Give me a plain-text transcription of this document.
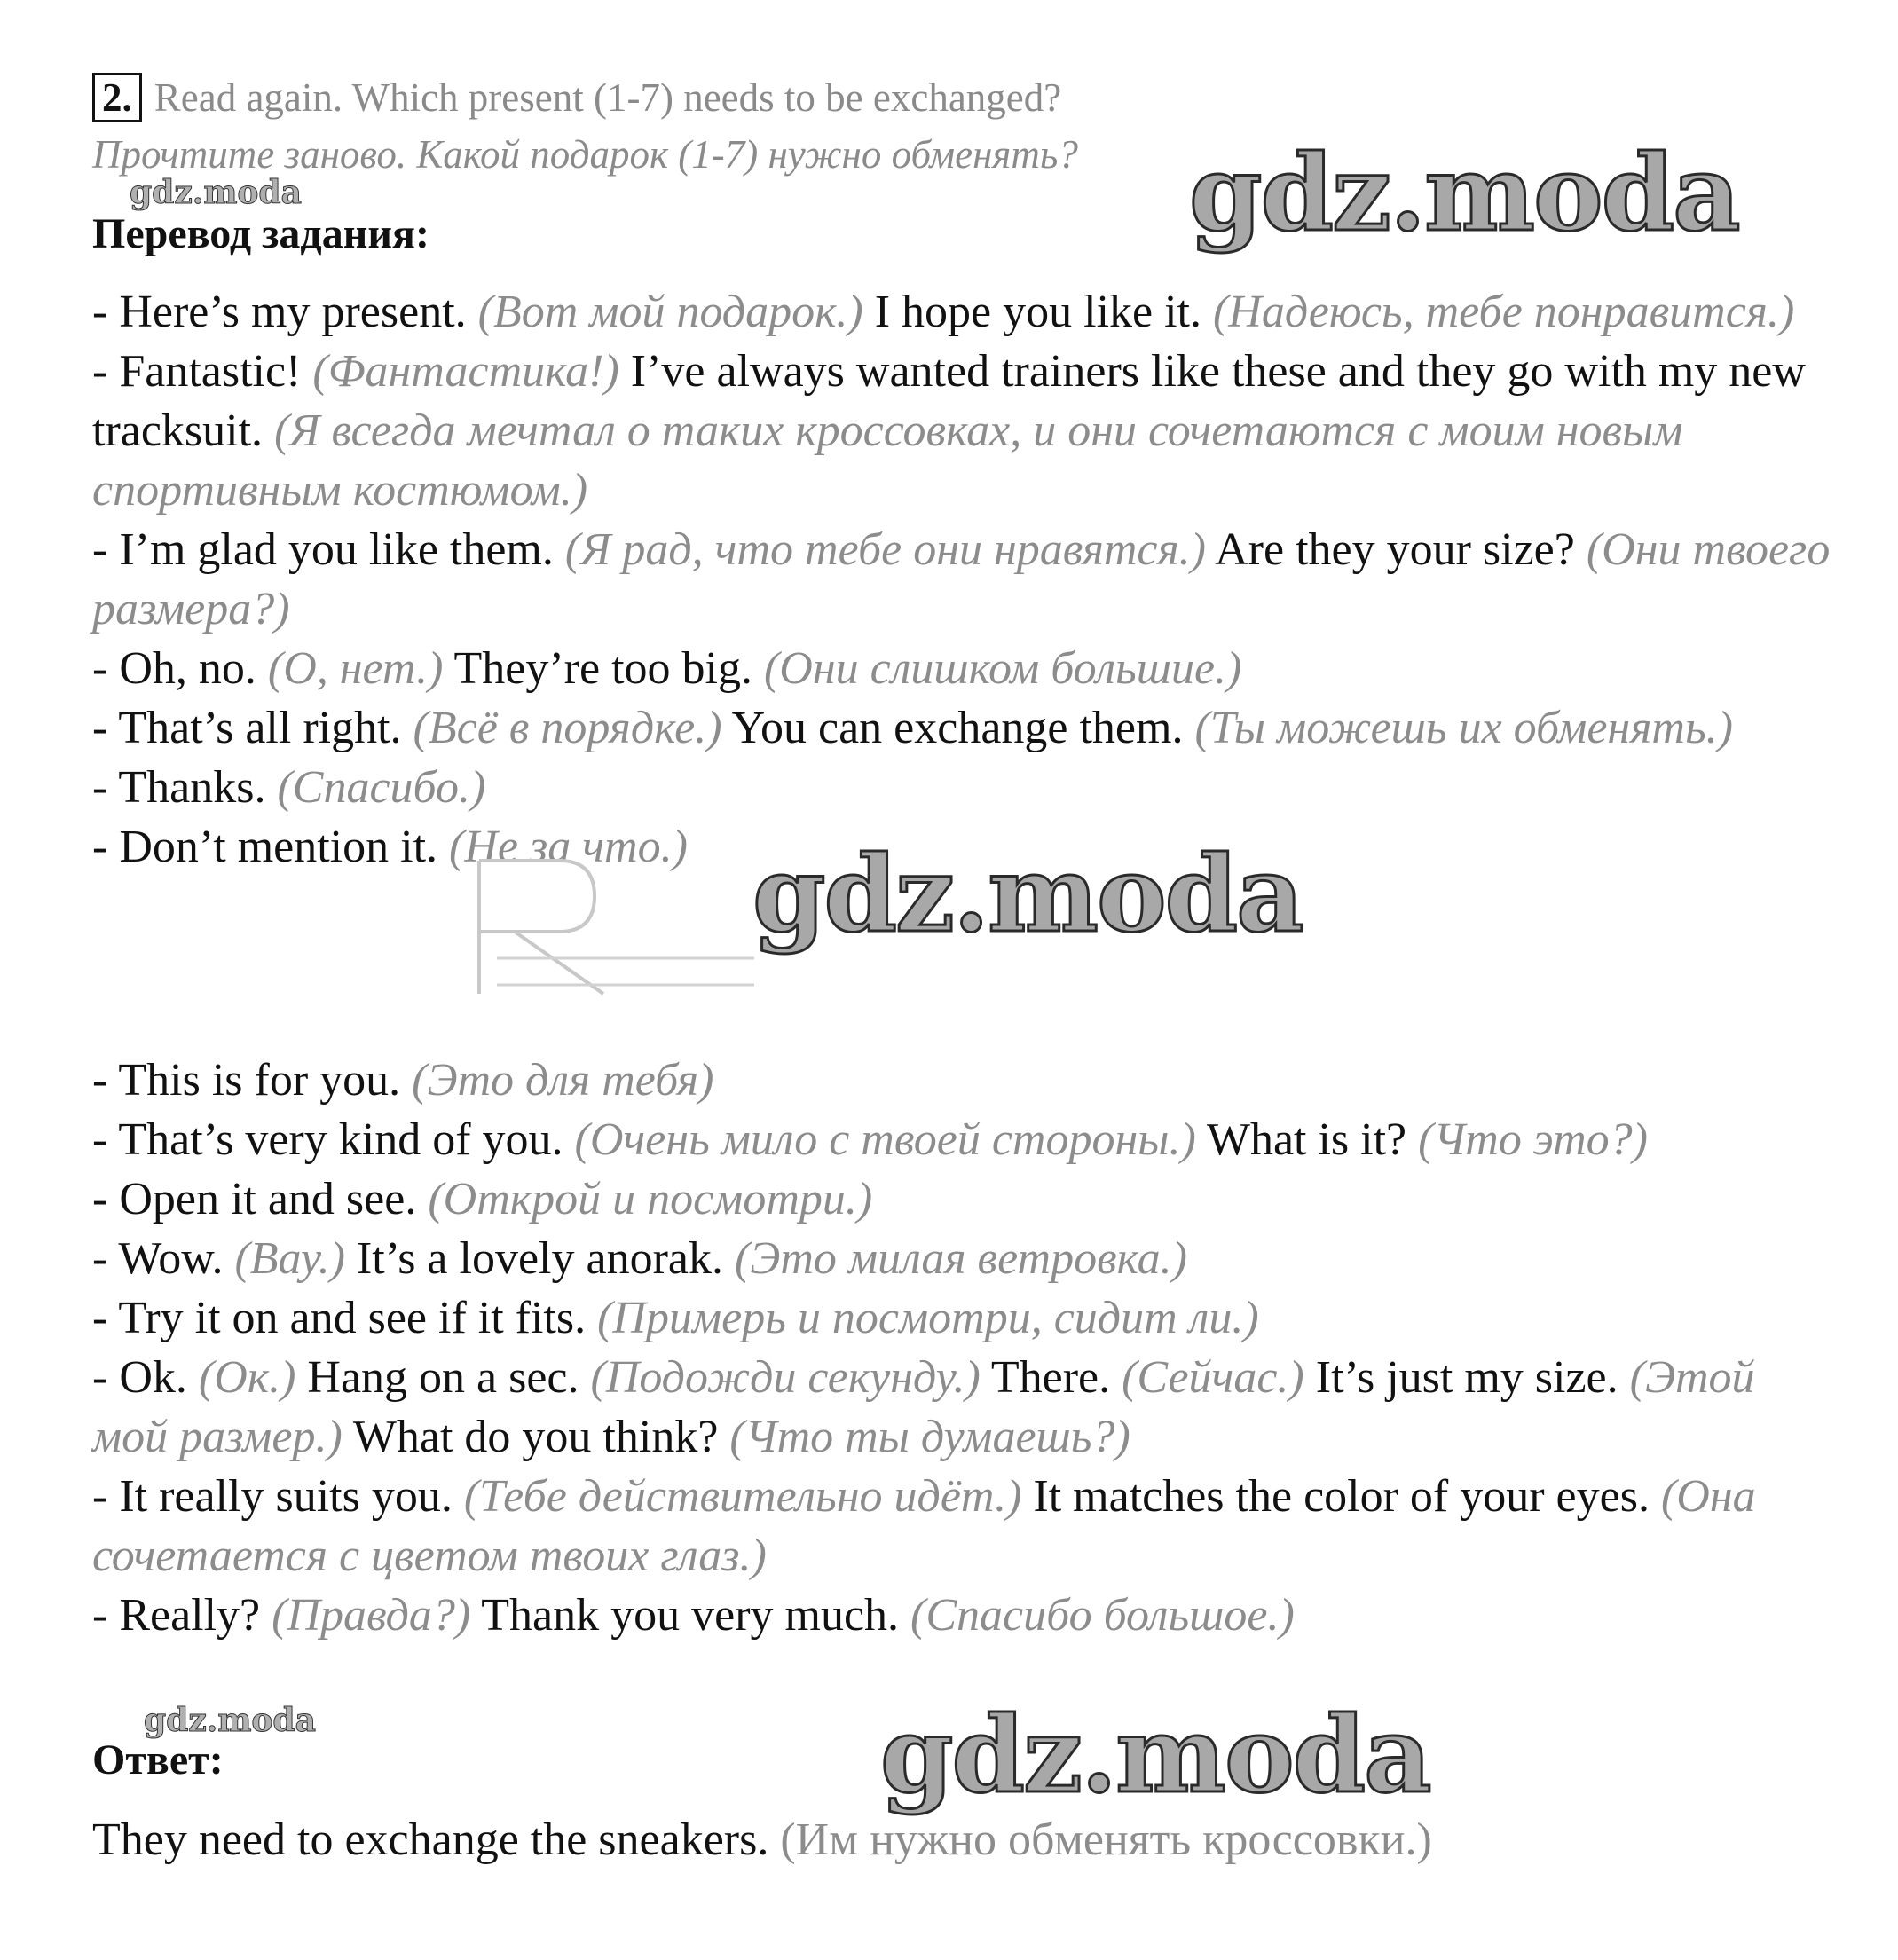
2. Read again. Which present (1-7) needs to be exchanged?
Прочтите заново. Какой подарок (1-7) нужно обменять?
gdz.moda
Перевод задания:	gdz.moda

- Here’s my present. (Вот мой подарок.) I hope you like it. (Надеюсь, тебе понравится.)

- Fantastic! (Фантастика!) I’ve always wanted trainers like these and they go with my new tracksuit. (Я всегда мечтал о таких кроссовках, и они сочетаются с моим новым спортивным костюмом.)

- I’m glad you like them. (Я рад, что тебе они нравятся.) Are they your size? (Они твоего размера?)

- Oh, no. (О, нет.) They’re too big. (Они слишком большие.)

- That’s all right. (Всё в порядке.) You can exchange them. (Ты можешь их обменять.)

- Thanks. (Спасибо.)

- Don’t mention it. (Не за что.) gdz.moda

- This is for you. (Это для тебя)

- That’s very kind of you. (Очень мило с твоей стороны.) What is it? (Что это?)

- Open it and see. (Открой и посмотри.)

- Wow. (Вау.) It’s a lovely anorak. (Это милая ветровка.)

- Try it on and see if it fits. (Примерь и посмотри, сидит ли.)

- Ok. (Ок.) Hang on a sec. (Подожди секунду.) There. (Сейчас.) It’s just my size. (Этой мой размер.) What do you think? (Что ты думаешь?)

- It really suits you. (Тебе действительно идёт.) It matches the color of your eyes. (Она сочетается с цветом твоих глаз.)

- Really? (Правда?) Thank you very much. (Спасибо большое.)

gdz.moda
Ответ:	gdz.moda
They need to exchange the sneakers. (Им нужно обменять кроссовки.)
